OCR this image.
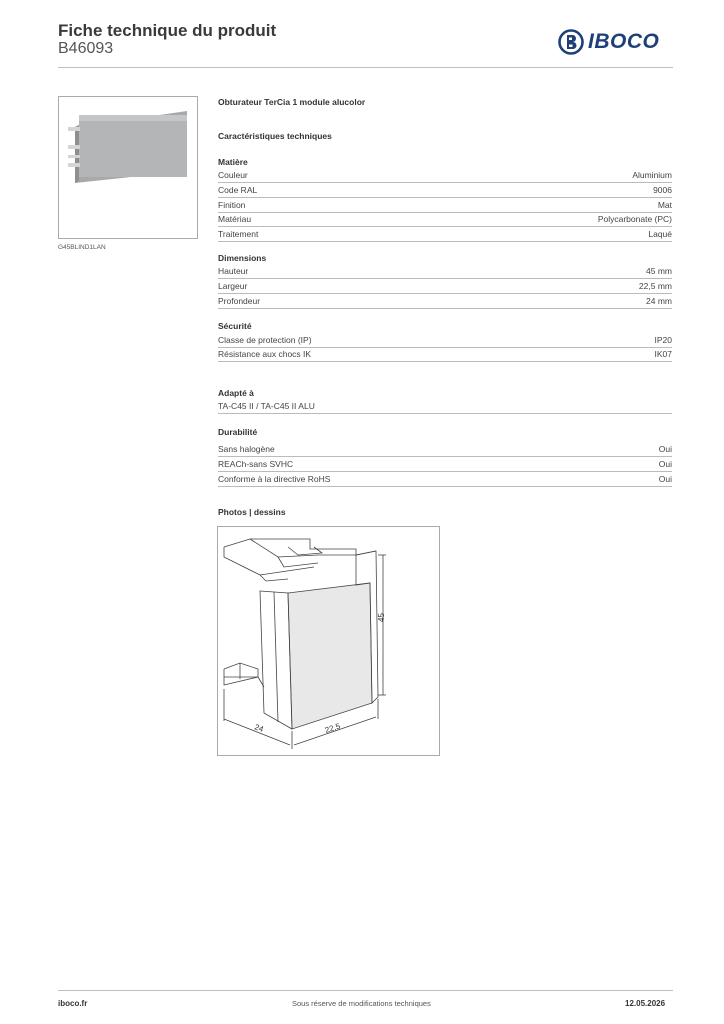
Fiche technique du produit
B46093	IBOCO
G45BLIND1LAN
Obturateur TerCia 1 module alucolor
Caractéristiques techniques
Matière
Couleur	Aluminium
Code RAL	9006
Finition	Mat
Matériau	Polycarbonate (PC)
Traitement	Laqué
Dimensions
Hauteur	45 mm
Largeur	22,5 mm
Profondeur	24 mm
Sécurité
Classe de protection (IP)	IP20
Résistance aux chocs IK	IK07
Adapté à
TA-C45 II / TA-C45 II ALU
Durabilité
Sans halogène	Oui
REACh-sans SVHC	Oui
Conforme à la directive RoHS	Oui
Photos | dessins
45
22,5
24
iboco.fr	Sous réserve de modifications techniques	12.05.2026
